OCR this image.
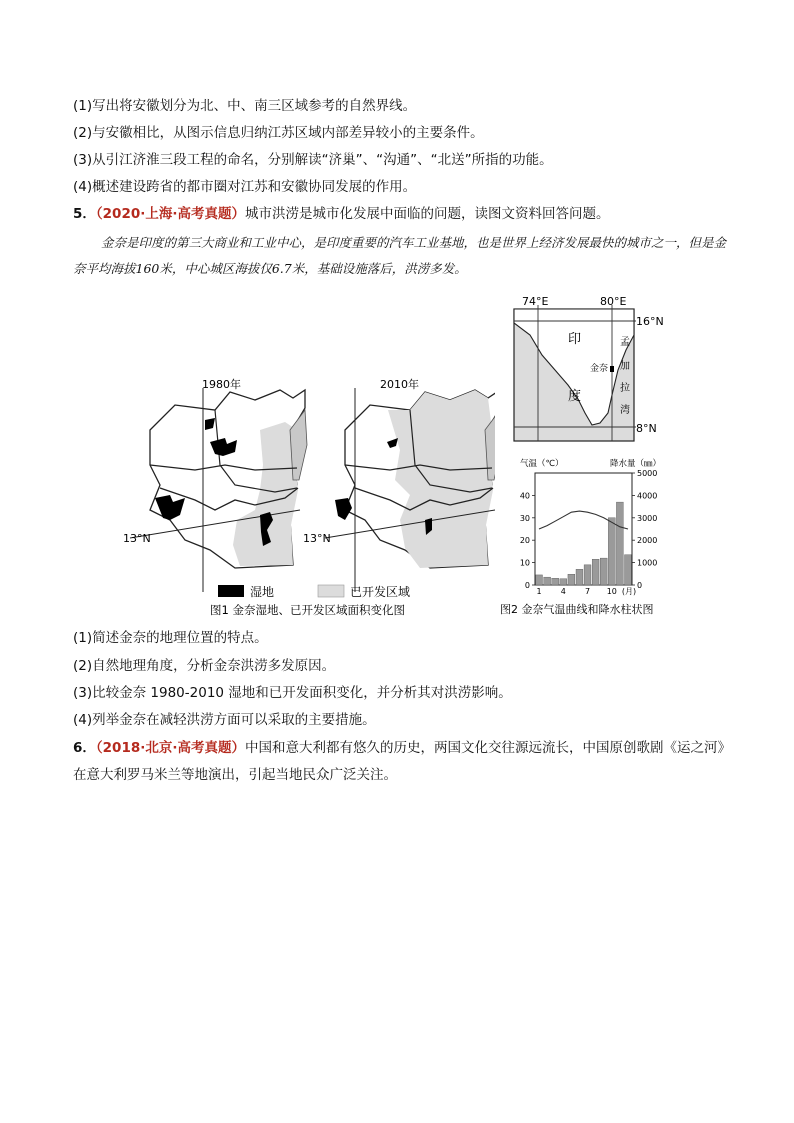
(1)写出将安徽划分为北、中、南三区域参考的自然界线。
(2)与安徽相比，从图示信息归纳江苏区域内部差异较小的主要条件。
(3)从引江济淮三段工程的命名，分别解读“济巢”、“沟通”、“北送”所指的功能。
(4)概述建设跨省的都市圈对江苏和安徽协同发展的作用。
5．（2020·上海·高考真题）城市洪涝是城市化发展中面临的问题，读图文资料回答问题。
金奈是印度的第三大商业和工业中心，是印度重要的汽车工业基地，也是世界上经济发展最快的城市之一，但是金奈平均海拔160米，中心城区海拔仅6.7米，基础设施落后，洪涝多发。
1980年	2010年
13°N	13°N
湿地	已开发区域
图1 金奈湿地、已开发区域面积变化图
74°E	80°E
16°N
8°N
印
度
金奈
孟
加
拉
湾
气温（℃）	降水量（㎜）
0
10
20
30
40
0
1000
2000
3000
4000
5000
1 4 7 10 (月)
图2 金奈气温曲线和降水柱状图
(1)简述金奈的地理位置的特点。
(2)自然地理角度，分析金奈洪涝多发原因。
(3)比较金奈 1980-2010 湿地和已开发面积变化，并分析其对洪涝影响。
(4)列举金奈在减轻洪涝方面可以采取的主要措施。
6．（2018·北京·高考真题）中国和意大利都有悠久的历史，两国文化交往源远流长，中国原创歌剧《运之河》
在意大利罗马米兰等地演出，引起当地民众广泛关注。
